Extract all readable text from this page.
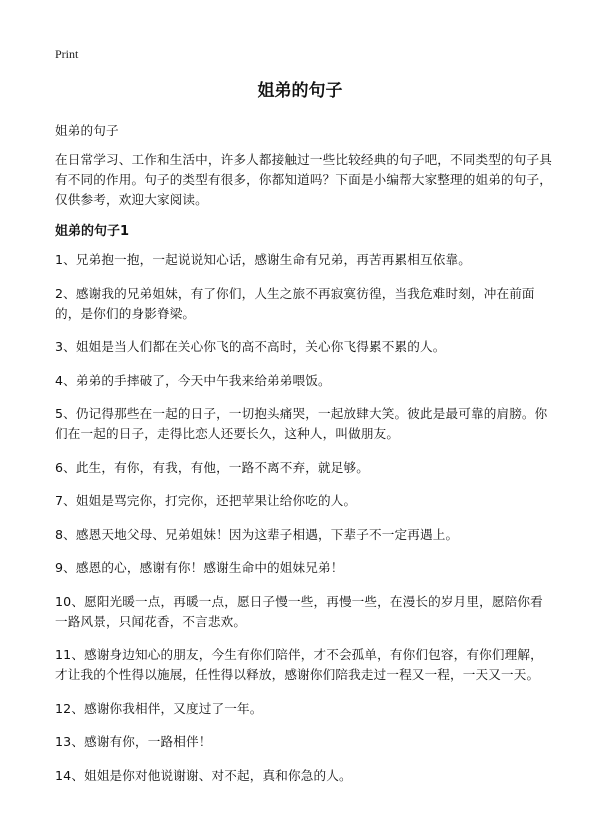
Print
姐弟的句子

姐弟的句子

在日常学习、工作和生活中，许多人都接触过一些比较经典的句子吧，不同类型的句子具有不同的作用。句子的类型有很多，你都知道吗？下面是小编帮大家整理的姐弟的句子，仅供参考，欢迎大家阅读。

姐弟的句子1
1、兄弟抱一抱，一起说说知心话，感谢生命有兄弟，再苦再累相互依靠。
2、感谢我的兄弟姐妹，有了你们，人生之旅不再寂寞彷徨，当我危难时刻，冲在前面的，是你们的身影脊梁。
3、姐姐是当人们都在关心你飞的高不高时，关心你飞得累不累的人。
4、弟弟的手摔破了，今天中午我来给弟弟喂饭。
5、仍记得那些在一起的日子，一切抱头痛哭，一起放肆大笑。彼此是最可靠的肩膀。你们在一起的日子，走得比恋人还要长久，这种人，叫做朋友。
6、此生，有你，有我，有他，一路不离不弃，就足够。
7、姐姐是骂完你，打完你，还把苹果让给你吃的人。
8、感恩天地父母、兄弟姐妹！因为这辈子相遇，下辈子不一定再遇上。
9、感恩的心，感谢有你！感谢生命中的姐妹兄弟！
10、愿阳光暖一点，再暖一点，愿日子慢一些，再慢一些，在漫长的岁月里，愿陪你看一路风景，只闻花香，不言悲欢。
11、感谢身边知心的朋友，今生有你们陪伴，才不会孤单，有你们包容，有你们理解，才让我的个性得以施展，任性得以释放，感谢你们陪我走过一程又一程，一天又一天。
12、感谢你我相伴，又度过了一年。
13、感谢有你，一路相伴！
14、姐姐是你对他说谢谢、对不起，真和你急的人。
